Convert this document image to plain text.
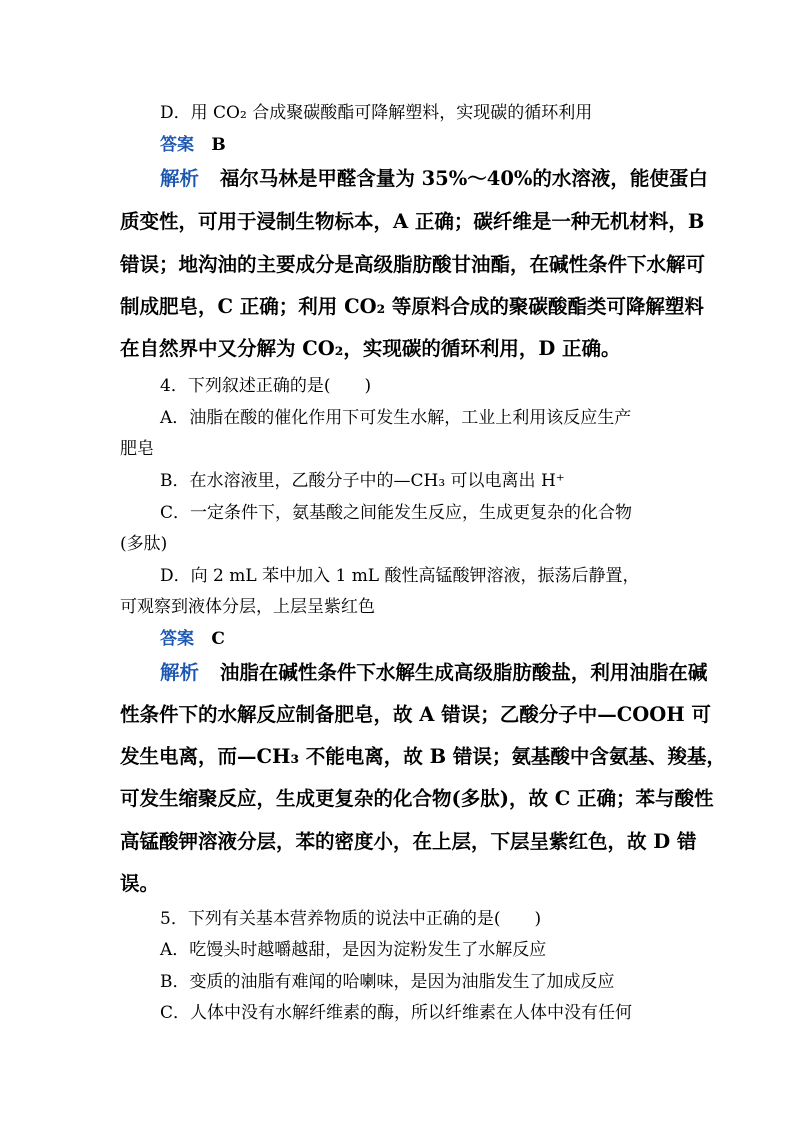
D．用 CO₂ 合成聚碳酸酯可降解塑料，实现碳的循环利用
答案 B
解析 福尔马林是甲醛含量为 35%～40%的水溶液，能使蛋白
质变性，可用于浸制生物标本，A 正确；碳纤维是一种无机材料，B
错误；地沟油的主要成分是高级脂肪酸甘油酯，在碱性条件下水解可
制成肥皂，C 正确；利用 CO₂ 等原料合成的聚碳酸酯类可降解塑料
在自然界中又分解为 CO₂，实现碳的循环利用，D 正确。
4．下列叙述正确的是(　　)
A．油脂在酸的催化作用下可发生水解，工业上利用该反应生产
肥皂
B．在水溶液里，乙酸分子中的—CH₃ 可以电离出 H⁺
C．一定条件下，氨基酸之间能发生反应，生成更复杂的化合物
(多肽)
D．向 2 mL 苯中加入 1 mL 酸性高锰酸钾溶液，振荡后静置，
可观察到液体分层，上层呈紫红色
答案 C
解析 油脂在碱性条件下水解生成高级脂肪酸盐，利用油脂在碱
性条件下的水解反应制备肥皂，故 A 错误；乙酸分子中—COOH 可
发生电离，而—CH₃ 不能电离，故 B 错误；氨基酸中含氨基、羧基，
可发生缩聚反应，生成更复杂的化合物(多肽)，故 C 正确；苯与酸性
高锰酸钾溶液分层，苯的密度小，在上层，下层呈紫红色，故 D 错
误。
5．下列有关基本营养物质的说法中正确的是(　　)
A．吃馒头时越嚼越甜，是因为淀粉发生了水解反应
B．变质的油脂有难闻的哈喇味，是因为油脂发生了加成反应
C．人体中没有水解纤维素的酶，所以纤维素在人体中没有任何
